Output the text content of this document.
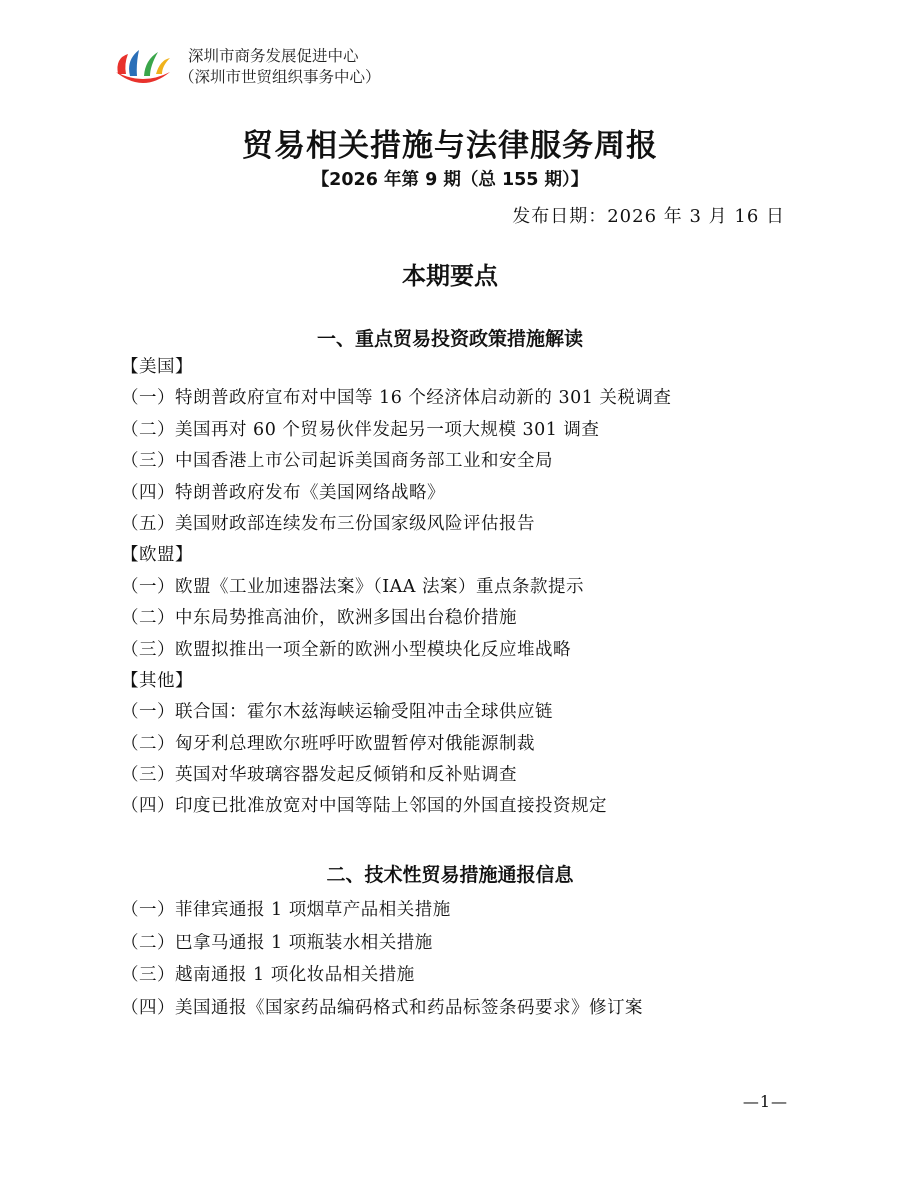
深圳市商务发展促进中心
（深圳市世贸组织事务中心）
贸易相关措施与法律服务周报
【2026 年第 9 期（总 155 期）】
发布日期：2026 年 3 月 16 日
本期要点
一、重点贸易投资政策措施解读
【美国】
（一）特朗普政府宣布对中国等 16 个经济体启动新的 301 关税调查
（二）美国再对 60 个贸易伙伴发起另一项大规模 301 调查
（三）中国香港上市公司起诉美国商务部工业和安全局
（四）特朗普政府发布《美国网络战略》
（五）美国财政部连续发布三份国家级风险评估报告
【欧盟】
（一）欧盟《工业加速器法案》（IAA 法案）重点条款提示
（二）中东局势推高油价，欧洲多国出台稳价措施
（三）欧盟拟推出一项全新的欧洲小型模块化反应堆战略
【其他】
（一）联合国：霍尔木兹海峡运输受阻冲击全球供应链
（二）匈牙利总理欧尔班呼吁欧盟暂停对俄能源制裁
（三）英国对华玻璃容器发起反倾销和反补贴调查
（四）印度已批准放宽对中国等陆上邻国的外国直接投资规定
二、技术性贸易措施通报信息
（一）菲律宾通报 1 项烟草产品相关措施
（二）巴拿马通报 1 项瓶装水相关措施
（三）越南通报 1 项化妆品相关措施
（四）美国通报《国家药品编码格式和药品标签条码要求》修订案
—1—
